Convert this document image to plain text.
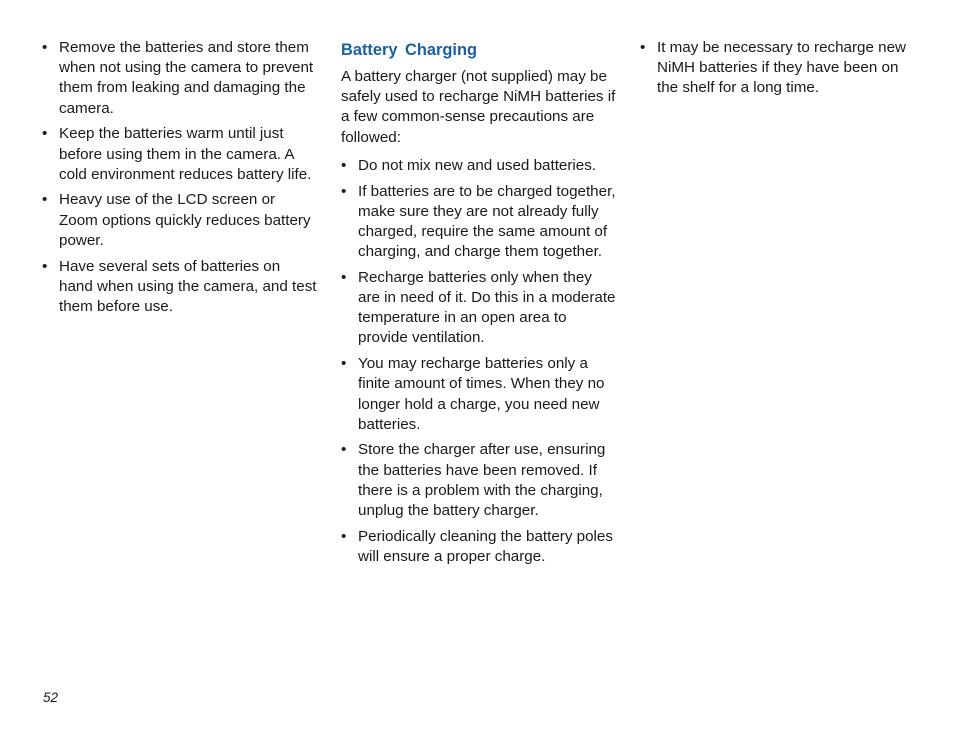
• Remove the batteries and store them when not using the camera to prevent them from leaking and damaging the camera.
• Keep the batteries warm until just before using them in the camera. A cold environment reduces battery life.
• Heavy use of the LCD screen or Zoom options quickly reduces battery power.
• Have several sets of batteries on hand when using the camera, and test them before use.
Battery Charging

A battery charger (not supplied) may be safely used to recharge NiMH batteries if a few common-sense precautions are followed:

• Do not mix new and used batteries.
• If batteries are to be charged together, make sure they are not already fully charged, require the same amount of charging, and charge them together.
• Recharge batteries only when they are in need of it. Do this in a moderate temperature in an open area to provide ventilation.
• You may recharge batteries only a finite amount of times. When they no longer hold a charge, you need new batteries.
• Store the charger after use, ensuring the batteries have been removed. If there is a problem with the charging, unplug the battery charger.
• Periodically cleaning the battery poles will ensure a proper charge.
• It may be necessary to recharge new NiMH batteries if they have been on the shelf for a long time.
52
